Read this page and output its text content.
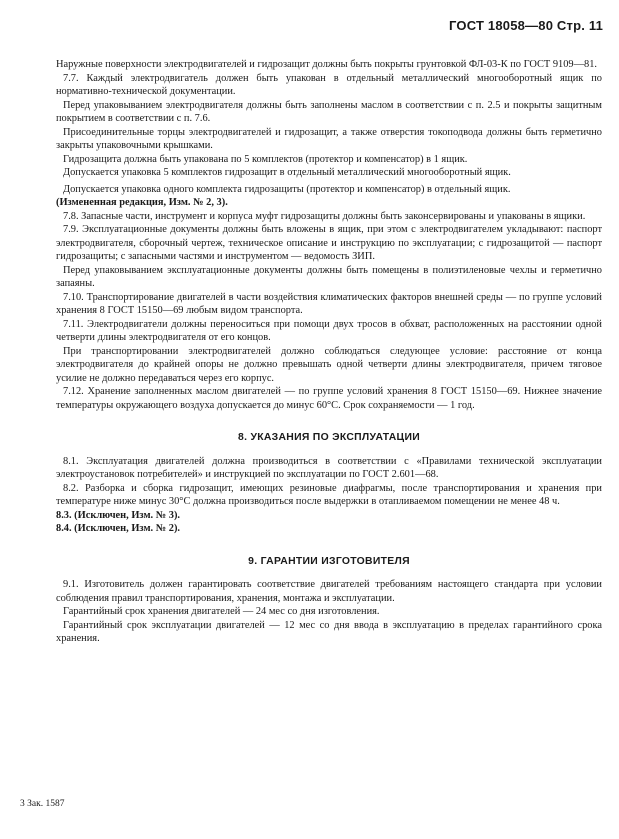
ГОСТ 18058—80 Стр. 11

Наружные поверхности электродвигателей и гидрозащит должны быть покрыты грунтовкой ФЛ-03-К по ГОСТ 9109—81.

7.7. Каждый электродвигатель должен быть упакован в отдельный металлический многооборотный ящик по нормативно-технической документации.

Перед упаковыванием электродвигателя должны быть заполнены маслом в соответствии с п. 2.5 и покрыты защитным покрытием в соответствии с п. 7.6.

Присоединительные торцы электродвигателей и гидрозащит, а также отверстия токоподвода должны быть герметично закрыты упаковочными крышками.

Гидрозащита должна быть упакована по 5 комплектов (протектор и компенсатор) в 1 ящик.

Допускается упаковка 5 комплектов гидрозащит в отдельный металлический многооборотный ящик.

Допускается упаковка одного комплекта гидрозащиты (протектор и компенсатор) в отдельный ящик.

(Измененная редакция, Изм. № 2, 3).

7.8. Запасные части, инструмент и корпуса муфт гидрозащиты должны быть законсервированы и упакованы в ящики.

7.9. Эксплуатационные документы должны быть вложены в ящик, при этом с электродвигателем укладывают: паспорт электродвигателя, сборочный чертеж, техническое описание и инструкцию по эксплуатации; с гидрозащитой — паспорт гидрозащиты; с запасными частями и инструментом — ведомость ЗИП.

Перед упаковыванием эксплуатационные документы должны быть помещены в полиэтиленовые чехлы и герметично запаяны.

7.10. Транспортирование двигателей в части воздействия климатических факторов внешней среды — по группе условий хранения 8 ГОСТ 15150—69 любым видом транспорта.

7.11. Электродвигатели должны переноситься при помощи двух тросов в обхват, расположенных на расстоянии одной четверти длины электродвигателя от его концов.

При транспортировании электродвигателей должно соблюдаться следующее условие: расстояние от конца электродвигателя до крайней опоры не должно превышать одной четверти длины электродвигателя, причем тяговое усилие не должно передаваться через его корпус.

7.12. Хранение заполненных маслом двигателей — по группе условий хранения 8 ГОСТ 15150—69. Нижнее значение температуры окружающего воздуха допускается до минус 60°С. Срок сохраняемости — 1 год.

8. УКАЗАНИЯ ПО ЭКСПЛУАТАЦИИ

8.1. Эксплуатация двигателей должна производиться в соответствии с «Правилами технической эксплуатации электроустановок потребителей» и инструкцией по эксплуатации по ГОСТ 2.601—68.

8.2. Разборка и сборка гидрозащит, имеющих резиновые диафрагмы, после транспортирования и хранения при температуре ниже минус 30°С должна производиться после выдержки в отапливаемом помещении не менее 48 ч.

8.3. (Исключен, Изм. № 3).

8.4. (Исключен, Изм. № 2).

9. ГАРАНТИИ ИЗГОТОВИТЕЛЯ

9.1. Изготовитель должен гарантировать соответствие двигателей требованиям настоящего стандарта при условии соблюдения правил транспортирования, хранения, монтажа и эксплуатации.

Гарантийный срок хранения двигателей — 24 мес со дня изготовления.

Гарантийный срок эксплуатации двигателей — 12 мес со дня ввода в эксплуатацию в пределах гарантийного срока хранения.

3 Зак. 1587
